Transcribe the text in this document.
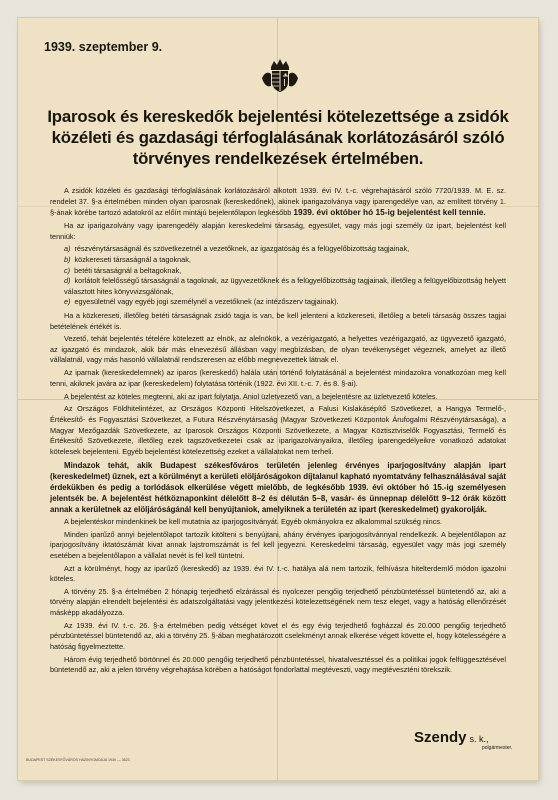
1939. szeptember 9.
Iparosok és kereskedők bejelentési kötelezettsége a zsidók közéleti és gazdasági térfoglalásának korlátozásáról szóló törvényes rendelkezések értelmében.

A zsidók közéleti és gazdasági térfoglalásának korlátozásáról alkotott 1939. évi IV. t.-c. végrehajtásáról szóló 7720/1939. M. E. sz. rendelet 37. §-a értelmében minden olyan iparosnak (kereskedőnek), akinek iparigazolványa vagy iparengedélye van, az említett törvény 1. §-ának körébe tartozó adatokról az előírt mintájú bejelentőlapon legkésőbb 1939. évi október hó 15-ig bejelentést kell tennie.

Ha az iparigazolvány vagy iparengedély alapján kereskedelmi társaság, egyesület, vagy más jogi személy üz ipart, bejelentést kell tenniük:

a) részvénytársaságnál és szövetkezetnél a vezetőknek, az igazgatóság és a felügyelőbizottság tagjainak,
b) közkereseti társaságnál a tagoknak,
c) betéti társaságnál a beltagoknak,
d) korlátolt felelősségű társaságnál a tagoknak, az ügyvezetőknek és a felügyelőbizottság tagjainak, illetőleg a felügyelőbizottság helyett választott hites könyvvizsgálónak,
e) egyesületnél vagy egyéb jogi személynél a vezetőknek (az intézőszerv tagjainak).

Ha a közkereseti, illetőleg betéti társaságnak zsidó tagja is van, be kell jelenteni a közkereseti, illetőleg a beteli társaság összes tagjai betételének értékét is.

Vezető, tehát bejelentés tételére kötelezett az elnök, az alelnökök, a vezérigazgató, a helyettes vezérigazgató, az ügyvezető igazgató, az igazgató és mindazok, akik bár más elnevezésű állásban vagy megbízásban, de olyan tevékenységet végeznek, amelyet az illető vállalatnál, vagy más hasonló vállalatnál rendszeresen az előbb megnevezettek látnak el.

Az iparnak (kereskedelemnek) az iparos (kereskedő) halála után történő folytatásánál a bejelentést mindazokra vonatkozóan meg kell tenni, akiknek javára az ipar (kereskedelem) folytatása történik (1922. évi XII. t.-c. 7. és 8. §-ai).

A bejelentést az köteles megtenni, aki az ipart folytatja. Aniol üzletvezető van, a bejelentésre az üzletvezető köteles.

Az Országos Földhitelintézet, az Országos Központi Hitelszövetkezet, a Falusi Kislakásépítő Szövetkezet, a Hangya Termelő-, Értékesítő- és Fogyasztási Szövetkezet, a Futura Részvénytársaság (Magyar Szövetkezeti Központok Árufogalmi Részvénytársasága), a Magyar Mezőgazdák Szövetkezete, az Iparosok Országos Központi Szövetkezete, a Magyar Köztisztviselők Fogyasztási, Termelő és Értékesítő Szövetkezete, illetőleg ezek tagszövetkezetei csak az iparigazolványaikra, illetőleg iparengedélyeikre vonatkozó adatokat kötelesek bejelenteni. Egyéb bejelentést kötelezettség ezeket a vállalatokat nem terheli.

Mindazok tehát, akik Budapest székesfőváros területén jelenleg érvényes iparjogosítvány alapján ipart (kereskedelmet) űznek, ezt a körülményt a kerületi elöljáróságokon díjtalanul kapható nyomtatvány felhasználásával saját érdekükben és pedig a torlódások elkerülése végett mielőbb, de legkésőbb 1939. évi október hó 15.-ig személyesen jelentsék be. A bejelentést hétköznaponkint délelőtt 8–2 és délután 5–8, vasár- és ünnepnap délelőtt 9–12 órák között annak a kerületnek az elöljáróságánál kell benyújtaniok, amelyiknek a területén az ipart (kereskedelmet) gyakorolják.

A bejelentéskor mindenkinek be kell mutatnia az iparjogosítványát. Egyéb okmányokra ez alkalommal szükség nincs.

Minden iparűző annyi bejelentőlapot tartozik kitölteni s benyújtani, ahány érvényes iparjogosítvánnyal rendelkezik. A bejelentőlapon az iparjogosítvány iktatószámát kivat annak lajstromszámát is fel kell jegyezni. Kereskedelmi társaság, egyesület vagy más jogi személy esetében a bejelentőlapon a vállalat nevét is fel kell tüntetni.

Azt a körülményt, hogy az iparűző (kereskedő) az 1939. évi IV. t.-c. hatálya alá nem tartozik, felhívásra hitelterdemlő módon igazolni köteles.

A törvény 25. §-a értelmében 2 hónapig terjedhető elzárással és nyolcezer pengőig terjedhető pénzbüntetéssel büntetendő az, aki a törvény alapján elrendelt bejelentési és adatszolgáltatási vagy jelentkezési kötelezettségének nem tesz eleget, vagy a hatóság ellenőrzését másképp akadályozza.

Az 1939. évi IV. t.-c. 26. §-a értelmében pedig vétséget követ el és egy évig terjedhető fogházzal és 20.000 pengőig terjedhető pénzbüntetéssel büntetendő az, aki a törvény 25. §-ában meghatározott cselekményt annak elkerése végett követte el, hogy kötelességére a hatóság figyelmeztette.

Három évig terjedhető börtönnel és 20.000 pengőig terjedhető pénzbüntetéssel, hivatalvesztéssel és a politikai jogok felfüggesztésével büntetendő az, aki a jelen törvény végrehajtása körében a hatóságot fondorlattal megtéveszti, vagy megtéveszténi törekszik.

Szendy s. k.,
polgármester.
BUDAPEST SZÉKESFŐVÁROS HÁZINYOMDÁJA 1939 — 3623
